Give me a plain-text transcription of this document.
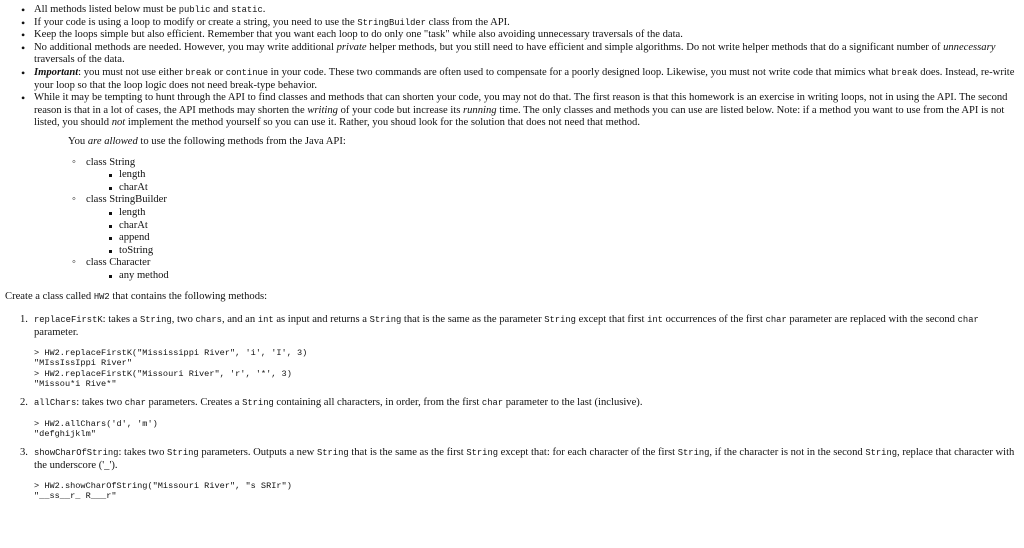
• All methods listed below must be public and static.
• If your code is using a loop to modify or create a string, you need to use the StringBuilder class from the API.
• Keep the loops simple but also efficient. Remember that you want each loop to do only one "task" while also avoiding unnecessary traversals of the data.
• No additional methods are needed. However, you may write additional private helper methods, but you still need to have efficient and simple algorithms. Do not write helper methods that do a significant number of unnecessary traversals of the data.
• Important: you must not use either break or continue in your code. These two commands are often used to compensate for a poorly designed loop. Likewise, you must not write code that mimics what break does. Instead, re-write your loop so that the loop logic does not need break-type behavior.
• While it may be tempting to hunt through the API to find classes and methods that can shorten your code, you may not do that. The first reason is that this homework is an exercise in writing loops, not in using the API. The second reason is that in a lot of cases, the API methods may shorten the writing of your code but increase its running time. The only classes and methods you can use are listed below. Note: if a method you want to use from the API is not listed, you should not implement the method yourself so you can use it. Rather, you shoud look for the solution that does not need that method.

You are allowed to use the following methods from the Java API:

◦ class String
length
charAt
◦ class StringBuilder
length
charAt
append
toString
◦ class Character
any method

Create a class called HW2 that contains the following methods:

1. replaceFirstK: takes a String, two chars, and an int as input and returns a String that is the same as the parameter String except that first int occurrences of the first char parameter are replaced with the second char parameter.
> HW2.replaceFirstK("Mississippi River", 'i', 'I', 3)
"MIssIssIppi River"
> HW2.replaceFirstK("Missouri River", 'r', '*', 3)
"Missou*i Rive*"
2. allChars: takes two char parameters. Creates a String containing all characters, in order, from the first char parameter to the last (inclusive).
> HW2.allChars('d', 'm')
"defghijklm"
3. showCharOfString: takes two String parameters. Outputs a new String that is the same as the first String except that: for each character of the first String, if the character is not in the second String, replace that character with the underscore ('_').
> HW2.showCharOfString("Missouri River", "s SRIr")
"__ss__r_ R___r"
